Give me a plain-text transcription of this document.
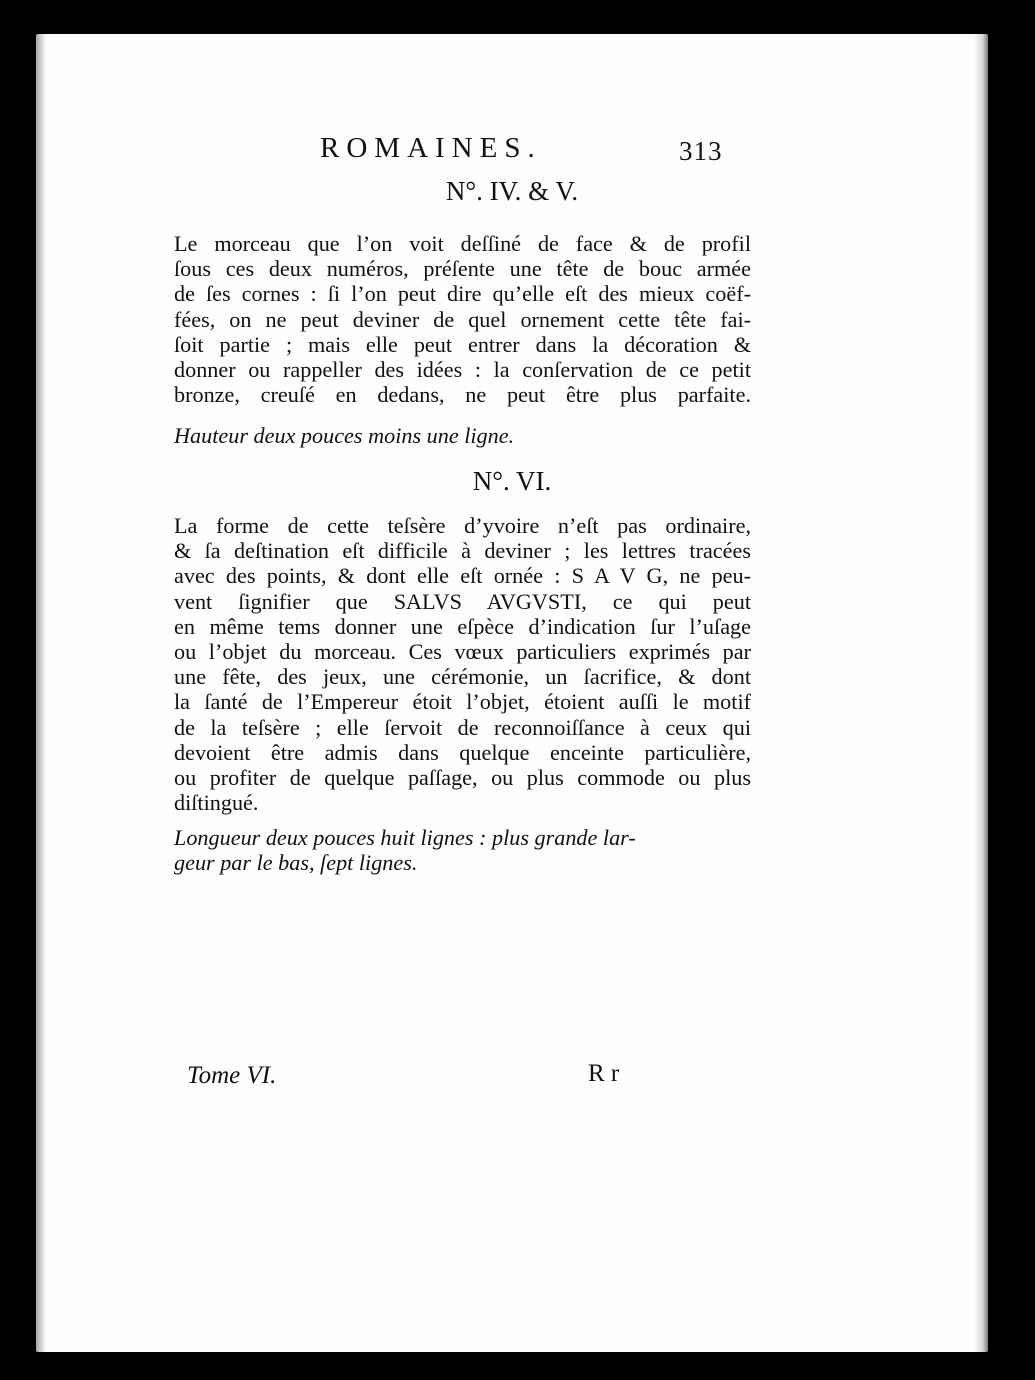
ROMAINES.	313
N°. IV. & V.
Le morceau que l’on voit deſſiné de face & de profil
ſous ces deux numéros, préſente une tête de bouc armée
de ſes cornes : ſi l’on peut dire qu’elle eſt des mieux coëf-
fées, on ne peut deviner de quel ornement cette tête fai-
ſoit partie ; mais elle peut entrer dans la décoration &
donner ou rappeller des idées : la conſervation de ce petit
bronze, creuſé en dedans, ne peut être plus parfaite.
Hauteur deux pouces moins une ligne.
N°. VI.
La forme de cette teſsère d’yvoire n’eſt pas ordinaire,
& ſa deſtination eſt difficile à deviner ; les lettres tracées
avec des points, & dont elle eſt ornée : S A V G, ne peu-
vent ſignifier que SALVS AVGVSTI, ce qui peut
en même tems donner une eſpèce d’indication ſur l’uſage
ou l’objet du morceau. Ces vœux particuliers exprimés par
une fête, des jeux, une cérémonie, un ſacrifice, & dont
la ſanté de l’Empereur étoit l’objet, étoient auſſi le motif
de la teſsère ; elle ſervoit de reconnoiſſance à ceux qui
devoient être admis dans quelque enceinte particulière,
ou profiter de quelque paſſage, ou plus commode ou plus
diſtingué.
Longueur deux pouces huit lignes : plus grande lar-
geur par le bas, ſept lignes.
Tome VI.	R r
